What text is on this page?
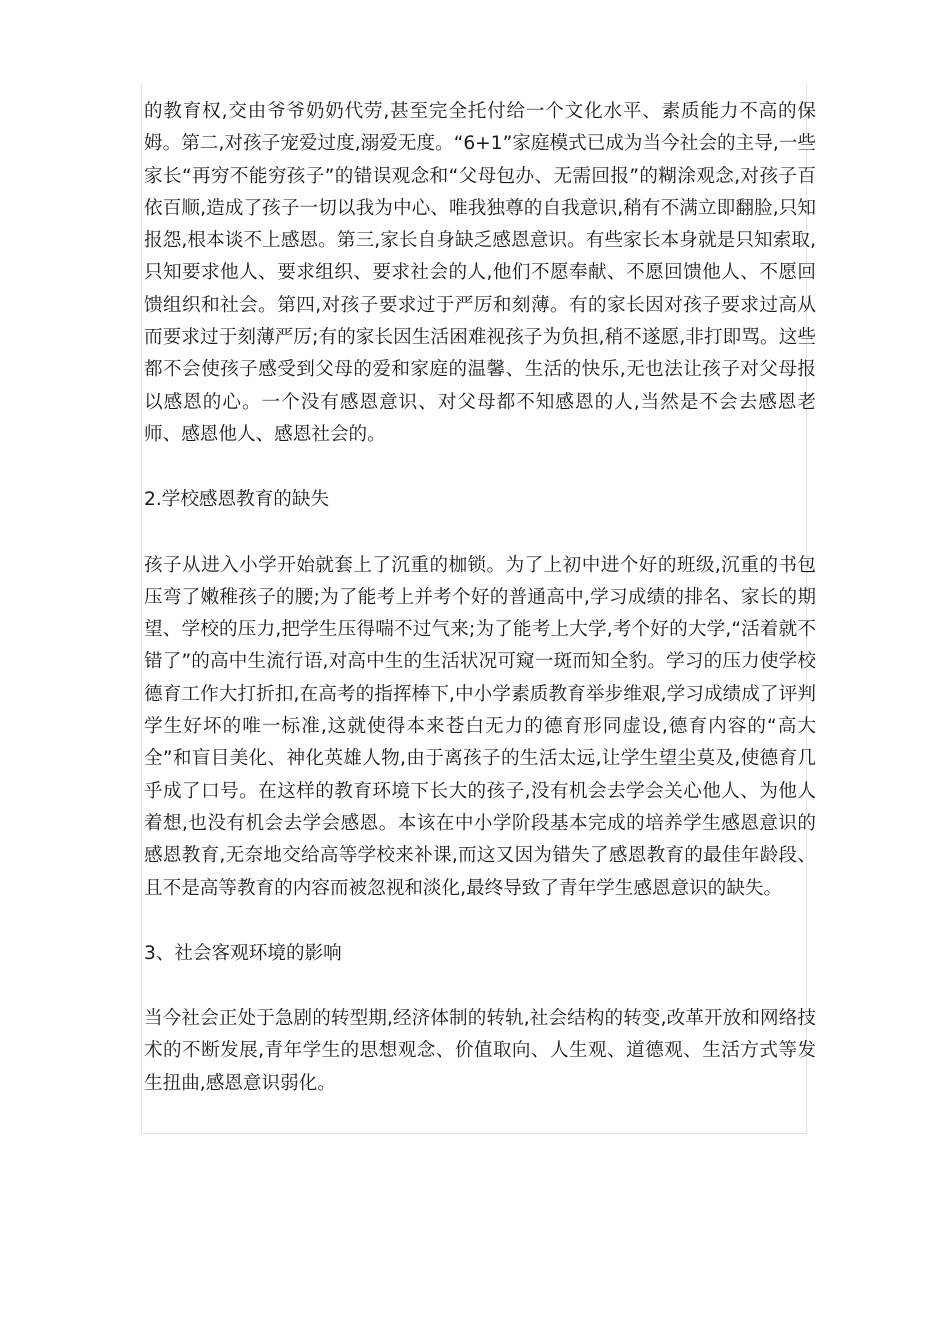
的教育权,交由爷爷奶奶代劳,甚至完全托付给一个文化水平、素质能力不高的保姆。第二,对孩子宠爱过度,溺爱无度。“6+1”家庭模式已成为当今社会的主导,一些家长“再穷不能穷孩子”的错误观念和“父母包办、无需回报”的糊涂观念,对孩子百依百顺,造成了孩子一切以我为中心、唯我独尊的自我意识,稍有不满立即翻脸,只知报怨,根本谈不上感恩。第三,家长自身缺乏感恩意识。有些家长本身就是只知索取,只知要求他人、要求组织、要求社会的人,他们不愿奉献、不愿回馈他人、不愿回馈组织和社会。第四,对孩子要求过于严厉和刻薄。有的家长因对孩子要求过高从而要求过于刻薄严厉;有的家长因生活困难视孩子为负担,稍不遂愿,非打即骂。这些都不会使孩子感受到父母的爱和家庭的温馨、生活的快乐,无也法让孩子对父母报以感恩的心。一个没有感恩意识、对父母都不知感恩的人,当然是不会去感恩老师、感恩他人、感恩社会的。

2.学校感恩教育的缺失

孩子从进入小学开始就套上了沉重的枷锁。为了上初中进个好的班级,沉重的书包压弯了嫩稚孩子的腰;为了能考上并考个好的普通高中,学习成绩的排名、家长的期望、学校的压力,把学生压得喘不过气来;为了能考上大学,考个好的大学,“活着就不错了”的高中生流行语,对高中生的生活状况可窥一斑而知全豹。学习的压力使学校德育工作大打折扣,在高考的指挥棒下,中小学素质教育举步维艰,学习成绩成了评判学生好坏的唯一标准,这就使得本来苍白无力的德育形同虚设,德育内容的“高大全”和盲目美化、神化英雄人物,由于离孩子的生活太远,让学生望尘莫及,使德育几乎成了口号。在这样的教育环境下长大的孩子,没有机会去学会关心他人、为他人着想,也没有机会去学会感恩。本该在中小学阶段基本完成的培养学生感恩意识的感恩教育,无奈地交给高等学校来补课,而这又因为错失了感恩教育的最佳年龄段、且不是高等教育的内容而被忽视和淡化,最终导致了青年学生感恩意识的缺失。

3、社会客观环境的影响

当今社会正处于急剧的转型期,经济体制的转轨,社会结构的转变,改革开放和网络技术的不断发展,青年学生的思想观念、价值取向、人生观、道德观、生活方式等发生扭曲,感恩意识弱化。
